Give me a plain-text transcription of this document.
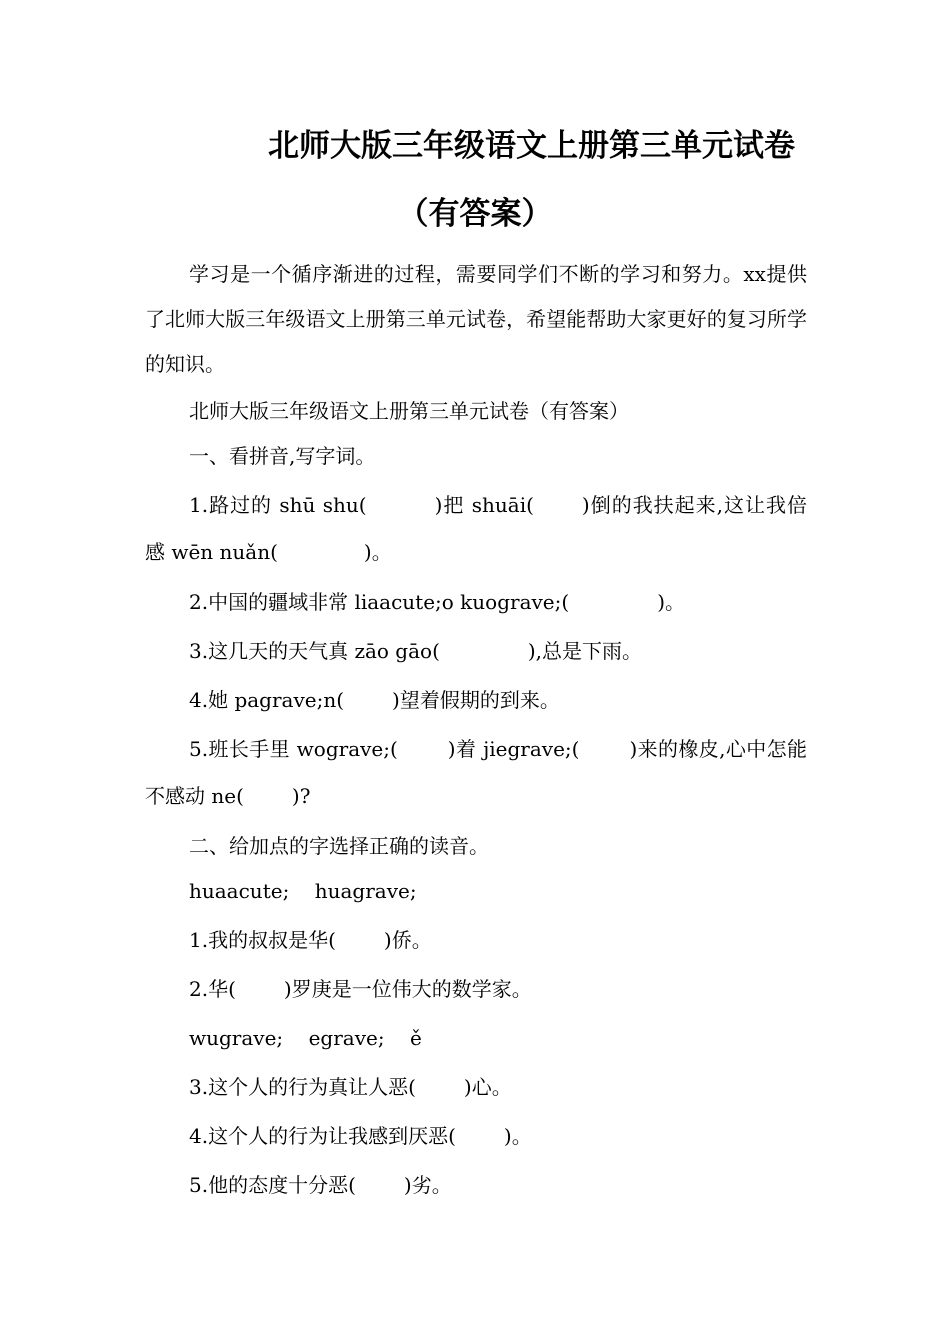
北师大版三年级语文上册第三单元试卷
（有答案）

学习是一个循序渐进的过程，需要同学们不断的学习和努力。xx提供了北师大版三年级语文上册第三单元试卷，希望能帮助大家更好的复习所学的知识。

北师大版三年级语文上册第三单元试卷（有答案）

一、看拼音,写字词。

1.路过的 shū shu(	)把 shuāi( )倒的我扶起来,这让我倍感 wēn nuǎn(	)。

2.中国的疆域非常 liaacute;o kuograve;(	)。

3.这几天的天气真 zāo gāo(	),总是下雨。

4.她 pagrave;n( )望着假期的到来。

5.班长手里 wograve;(	)着 jiegrave;(	)来的橡皮,心中怎能不感动 ne( )?

二、给加点的字选择正确的读音。

huaacute;    huagrave;

1.我的叔叔是华( )侨。

2.华( )罗庚是一位伟大的数学家。

wugrave;    egrave;    ě

3.这个人的行为真让人恶( )心。

4.这个人的行为让我感到厌恶( )。

5.他的态度十分恶( )劣。
